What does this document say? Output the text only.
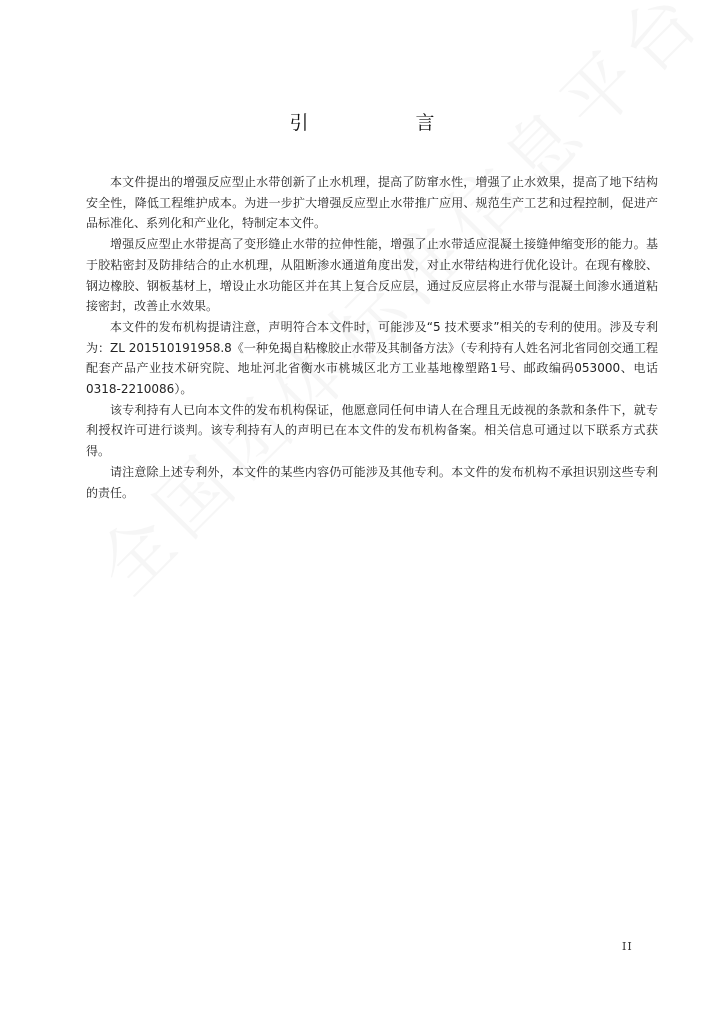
引　言

本文件提出的增强反应型止水带创新了止水机理，提高了防窜水性，增强了止水效果，提高了地下结构安全性，降低工程维护成本。为进一步扩大增强反应型止水带推广应用、规范生产工艺和过程控制，促进产品标准化、系列化和产业化，特制定本文件。

增强反应型止水带提高了变形缝止水带的拉伸性能，增强了止水带适应混凝土接缝伸缩变形的能力。基于胶粘密封及防排结合的止水机理，从阻断渗水通道角度出发，对止水带结构进行优化设计。在现有橡胶、钢边橡胶、钢板基材上，增设止水功能区并在其上复合反应层，通过反应层将止水带与混凝土间渗水通道粘接密封，改善止水效果。

本文件的发布机构提请注意，声明符合本文件时，可能涉及“5 技术要求”相关的专利的使用。涉及专利为：ZL 201510191958.8《一种免揭自粘橡胶止水带及其制备方法》（专利持有人姓名河北省同创交通工程配套产品产业技术研究院、地址河北省衡水市桃城区北方工业基地橡塑路1号、邮政编码053000、电话0318-2210086）。

该专利持有人已向本文件的发布机构保证，他愿意同任何申请人在合理且无歧视的条款和条件下，就专利授权许可进行谈判。该专利持有人的声明已在本文件的发布机构备案。相关信息可通过以下联系方式获得。

请注意除上述专利外，本文件的某些内容仍可能涉及其他专利。本文件的发布机构不承担识别这些专利的责任。

II
